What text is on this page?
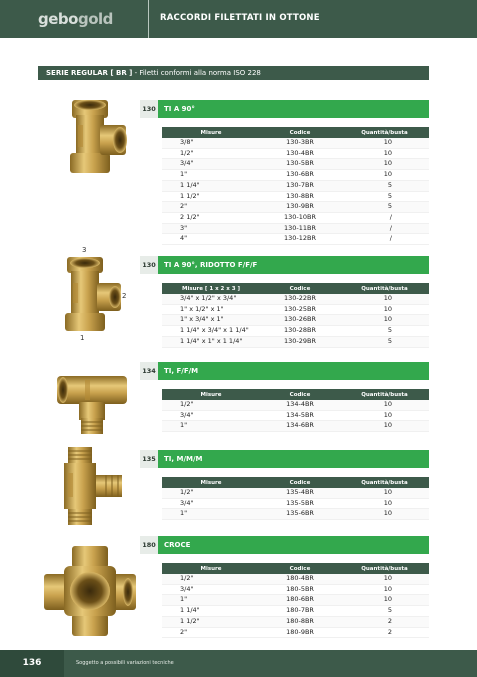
gebogold	RACCORDI FILETTATI IN OTTONE
SERIE REGULAR [ BR ] - Filetti conformi alla norma ISO 228
3
2
1
130	TI A 90°
Misure	Codice	Quantità/busta
3/8"	130-3BR	10
1/2"	130-4BR	10
3/4"	130-5BR	10
1"	130-6BR	10
1 1/4"	130-7BR	5
1 1/2"	130-8BR	5
2"	130-9BR	5
2 1/2"	130-10BR	/
3"	130-11BR	/
4"	130-12BR	/
130	TI A 90°, RIDOTTO F/F/F
Misure [ 1 x 2 x 3 ]	Codice	Quantità/busta
3/4" x 1/2" x 3/4"	130-22BR	10
1" x 1/2" x 1"	130-25BR	10
1" x 3/4" x 1"	130-26BR	10
1 1/4" x 3/4" x 1 1/4"	130-28BR	5
1 1/4" x 1" x 1 1/4"	130-29BR	5
134	TI, F/F/M
Misure	Codice	Quantità/busta
1/2"	134-4BR	10
3/4"	134-5BR	10
1"	134-6BR	10
135	TI, M/M/M
Misure	Codice	Quantità/busta
1/2"	135-4BR	10
3/4"	135-5BR	10
1"	135-6BR	10
180	CROCE
Misure	Codice	Quantità/busta
1/2"	180-4BR	10
3/4"	180-5BR	10
1"	180-6BR	10
1 1/4"	180-7BR	5
1 1/2"	180-8BR	2
2"	180-9BR	2
136	Soggetto a possibili variazioni tecniche
